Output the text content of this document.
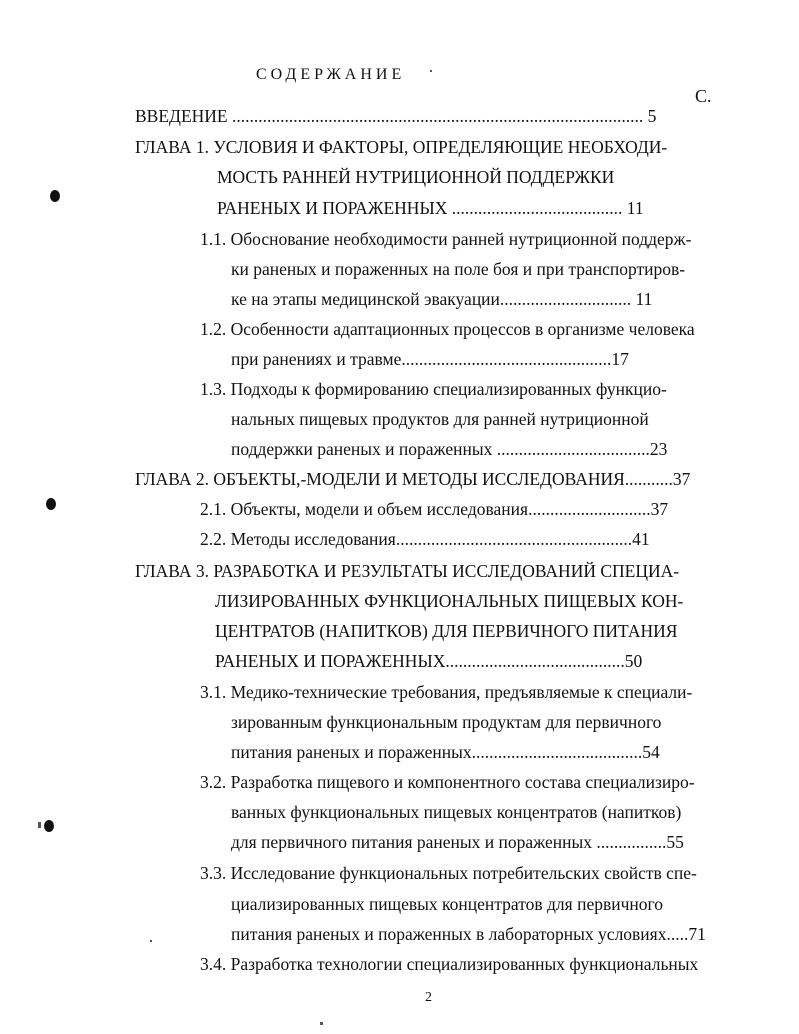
СОДЕРЖАНИЕ
С.
ВВЕДЕНИЕ .............................................................................................. 5
ГЛАВА 1. УСЛОВИЯ И ФАКТОРЫ, ОПРЕДЕЛЯЮЩИЕ НЕОБХОДИ-
МОСТЬ РАННЕЙ НУТРИЦИОННОЙ ПОДДЕРЖКИ
РАНЕНЫХ И ПОРАЖЕННЫХ ....................................... 11
1.1. Обоснование необходимости ранней нутриционной поддерж-
ки раненых и пораженных на поле боя и при транспортиров-
ке на этапы медицинской эвакуации.............................. 11
1.2. Особенности адаптационных процессов в организме человека
при ранениях и травме................................................17
1.3. Подходы к формированию специализированных функцио-
нальных пищевых продуктов для ранней нутриционной
поддержки раненых и пораженных ...................................23
ГЛАВА 2. ОБЪЕКТЫ,-МОДЕЛИ И МЕТОДЫ ИССЛЕДОВАНИЯ...........37
2.1. Объекты, модели и объем исследования............................37
2.2. Методы исследования......................................................41
ГЛАВА 3. РАЗРАБОТКА И РЕЗУЛЬТАТЫ ИССЛЕДОВАНИЙ СПЕЦИА-
ЛИЗИРОВАННЫХ ФУНКЦИОНАЛЬНЫХ ПИЩЕВЫХ КОН-
ЦЕНТРАТОВ (НАПИТКОВ) ДЛЯ ПЕРВИЧНОГО ПИТАНИЯ
РАНЕНЫХ И ПОРАЖЕННЫХ.........................................50
3.1. Медико-технические требования, предъявляемые к специали-
зированным функциональным продуктам для первичного
питания раненых и пораженных.......................................54
3.2. Разработка пищевого и компонентного состава специализиро-
ванных функциональных пищевых концентратов (напитков)
для первичного питания раненых и пораженных ................55
3.3. Исследование функциональных потребительских свойств спе-
циализированных пищевых концентратов для первичного
питания раненых и пораженных в лабораторных условиях.....71
3.4. Разработка технологии специализированных функциональных
2
